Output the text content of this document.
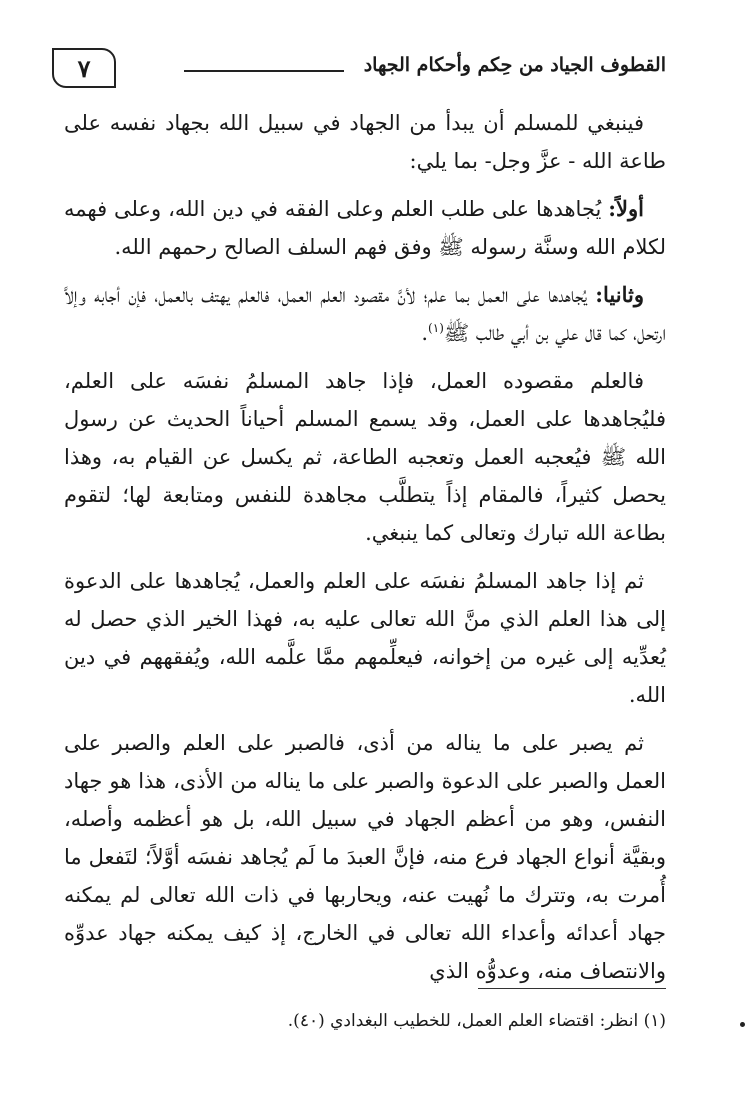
القطوف الجياد من حِكم وأحكام الجهاد
٧

فينبغي للمسلم أن يبدأ من الجهاد في سبيل الله بجهاد نفسه على طاعة الله - عزَّ وجل- بما يلي:

أولاً: يُجاهدها على طلب العلم وعلى الفقه في دين الله، وعلى فهمه لكلام الله وسنَّة رسوله ﷺ وفق فهم السلف الصالح رحمهم الله.

وثانيا: يُجاهدها على العمل بما علم؛ لأنَّ مقصود العلم العمل، فالعلم يهتف بالعمل، فإن أجابه وإلاَّ ارتحل، كما قال علي بن أبي طالب ﷺ$^{(١)}$.

فالعلم مقصوده العمل، فإذا جاهد المسلمُ نفسَه على العلم، فليُجاهدها على العمل، وقد يسمع المسلم أحياناً الحديث عن رسول الله ﷺ فيُعجبه العمل وتعجبه الطاعة، ثم يكسل عن القيام به، وهذا يحصل كثيراً، فالمقام إذاً يتطلَّب مجاهدة للنفس ومتابعة لها؛ لتقوم بطاعة الله تبارك وتعالى كما ينبغي.

ثم إذا جاهد المسلمُ نفسَه على العلم والعمل، يُجاهدها على الدعوة إلى هذا العلم الذي منَّ الله تعالى عليه به، فهذا الخير الذي حصل له يُعدِّيه إلى غيره من إخوانه، فيعلِّمهم ممَّا علَّمه الله، ويُفقههم في دين الله.

ثم يصبر على ما يناله من أذى، فالصبر على العلم والصبر على العمل والصبر على الدعوة والصبر على ما يناله من الأذى، هذا هو جهاد النفس، وهو من أعظم الجهاد في سبيل الله، بل هو أعظمه وأصله، وبقيَّة أنواع الجهاد فرع منه، فإنَّ العبدَ ما لَم يُجاهد نفسَه أوَّلاً؛ لتَفعل ما أُمرت به، وتترك ما نُهيت عنه، ويحاربها في ذات الله تعالى لم يمكنه جهاد أعدائه وأعداء الله تعالى في الخارج، إذ كيف يمكنه جهاد عدوِّه والانتصاف منه، وعدوُّه الذي

(١) انظر: اقتضاء العلم العمل، للخطيب البغدادي (٤٠).
